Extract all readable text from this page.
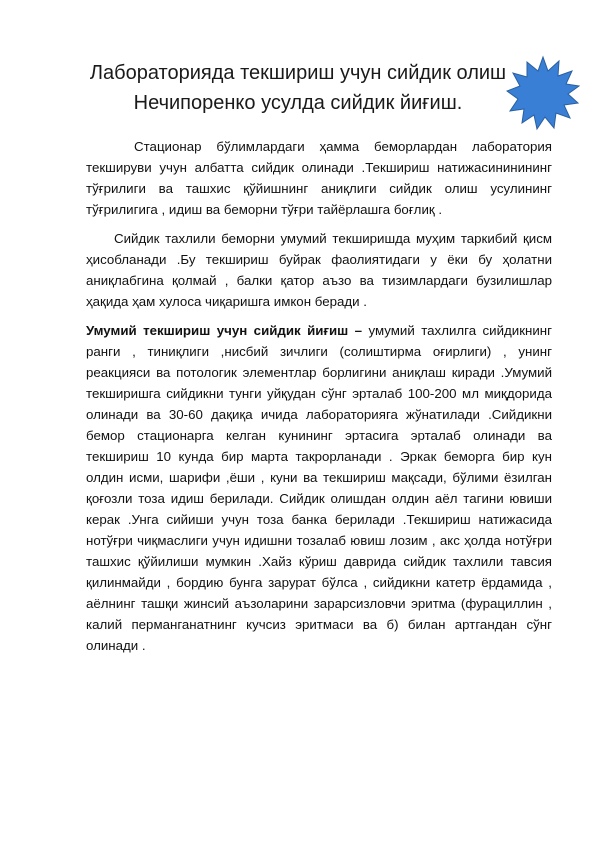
Лабораторияда текшириш учун сийдик олиш
Нечипоренко усулда сийдик йиғиш.

Стационар бўлимлардаги ҳамма беморлардан лаборатория текшируви учун албатта сийдик олинади .Текшириш натижасининининг тўғрилиги ва ташхис қўйишнинг аниқлиги сийдик олиш усулининг тўғрилигига , идиш ва беморни тўғри тайёрлашга боғлиқ .

Сийдик тахлили беморни умумий текширишда муҳим таркибий қисм ҳисобланади .Бу текшириш буйрак фаолиятидаги у ёки бу ҳолатни аниқлабгина қолмай , балки қатор аъзо ва тизимлардаги бузилишлар ҳақида ҳам хулоса чиқаришга имкон беради .

Умумий текшириш учун сийдик йиғиш – умумий тахлилга сийдикнинг ранги , тиниқлиги ,нисбий зичлиги (солиштирма оғирлиги) , унинг реакцияси ва потологик элементлар борлигини аниқлаш киради .Умумий текширишга сийдикни тунги уйқудан сўнг эрталаб 100-200 мл миқдорида олинади ва 30-60 дақиқа ичида лабораторияга жўнатилади .Сийдикни бемор стационарга келган кунининг эртасига эрталаб олинади ва текшириш 10 кунда бир марта такрорланади . Эркак беморга бир кун олдин исми, шарифи ,ёши , куни ва текшириш мақсади, бўлими ёзилган қоғозли тоза идиш берилади. Сийдик олишдан олдин аёл тагини ювиши керак .Унга сийиши учун тоза банка берилади .Текшириш натижасида нотўғри чиқмаслиги учун идишни тозалаб ювиш лозим , акс ҳолда нотўғри ташхис қўйилиши мумкин .Хайз кўриш даврида сийдик тахлили тавсия қилинмайди , бордию бунга зарурат бўлса , сийдикни катетр ёрдамида , аёлнинг ташқи жинсий аъзоларини зарарсизловчи эритма (фурациллин , калий перманганатнинг кучсиз эритмаси ва б) билан артгандан сўнг олинади .
